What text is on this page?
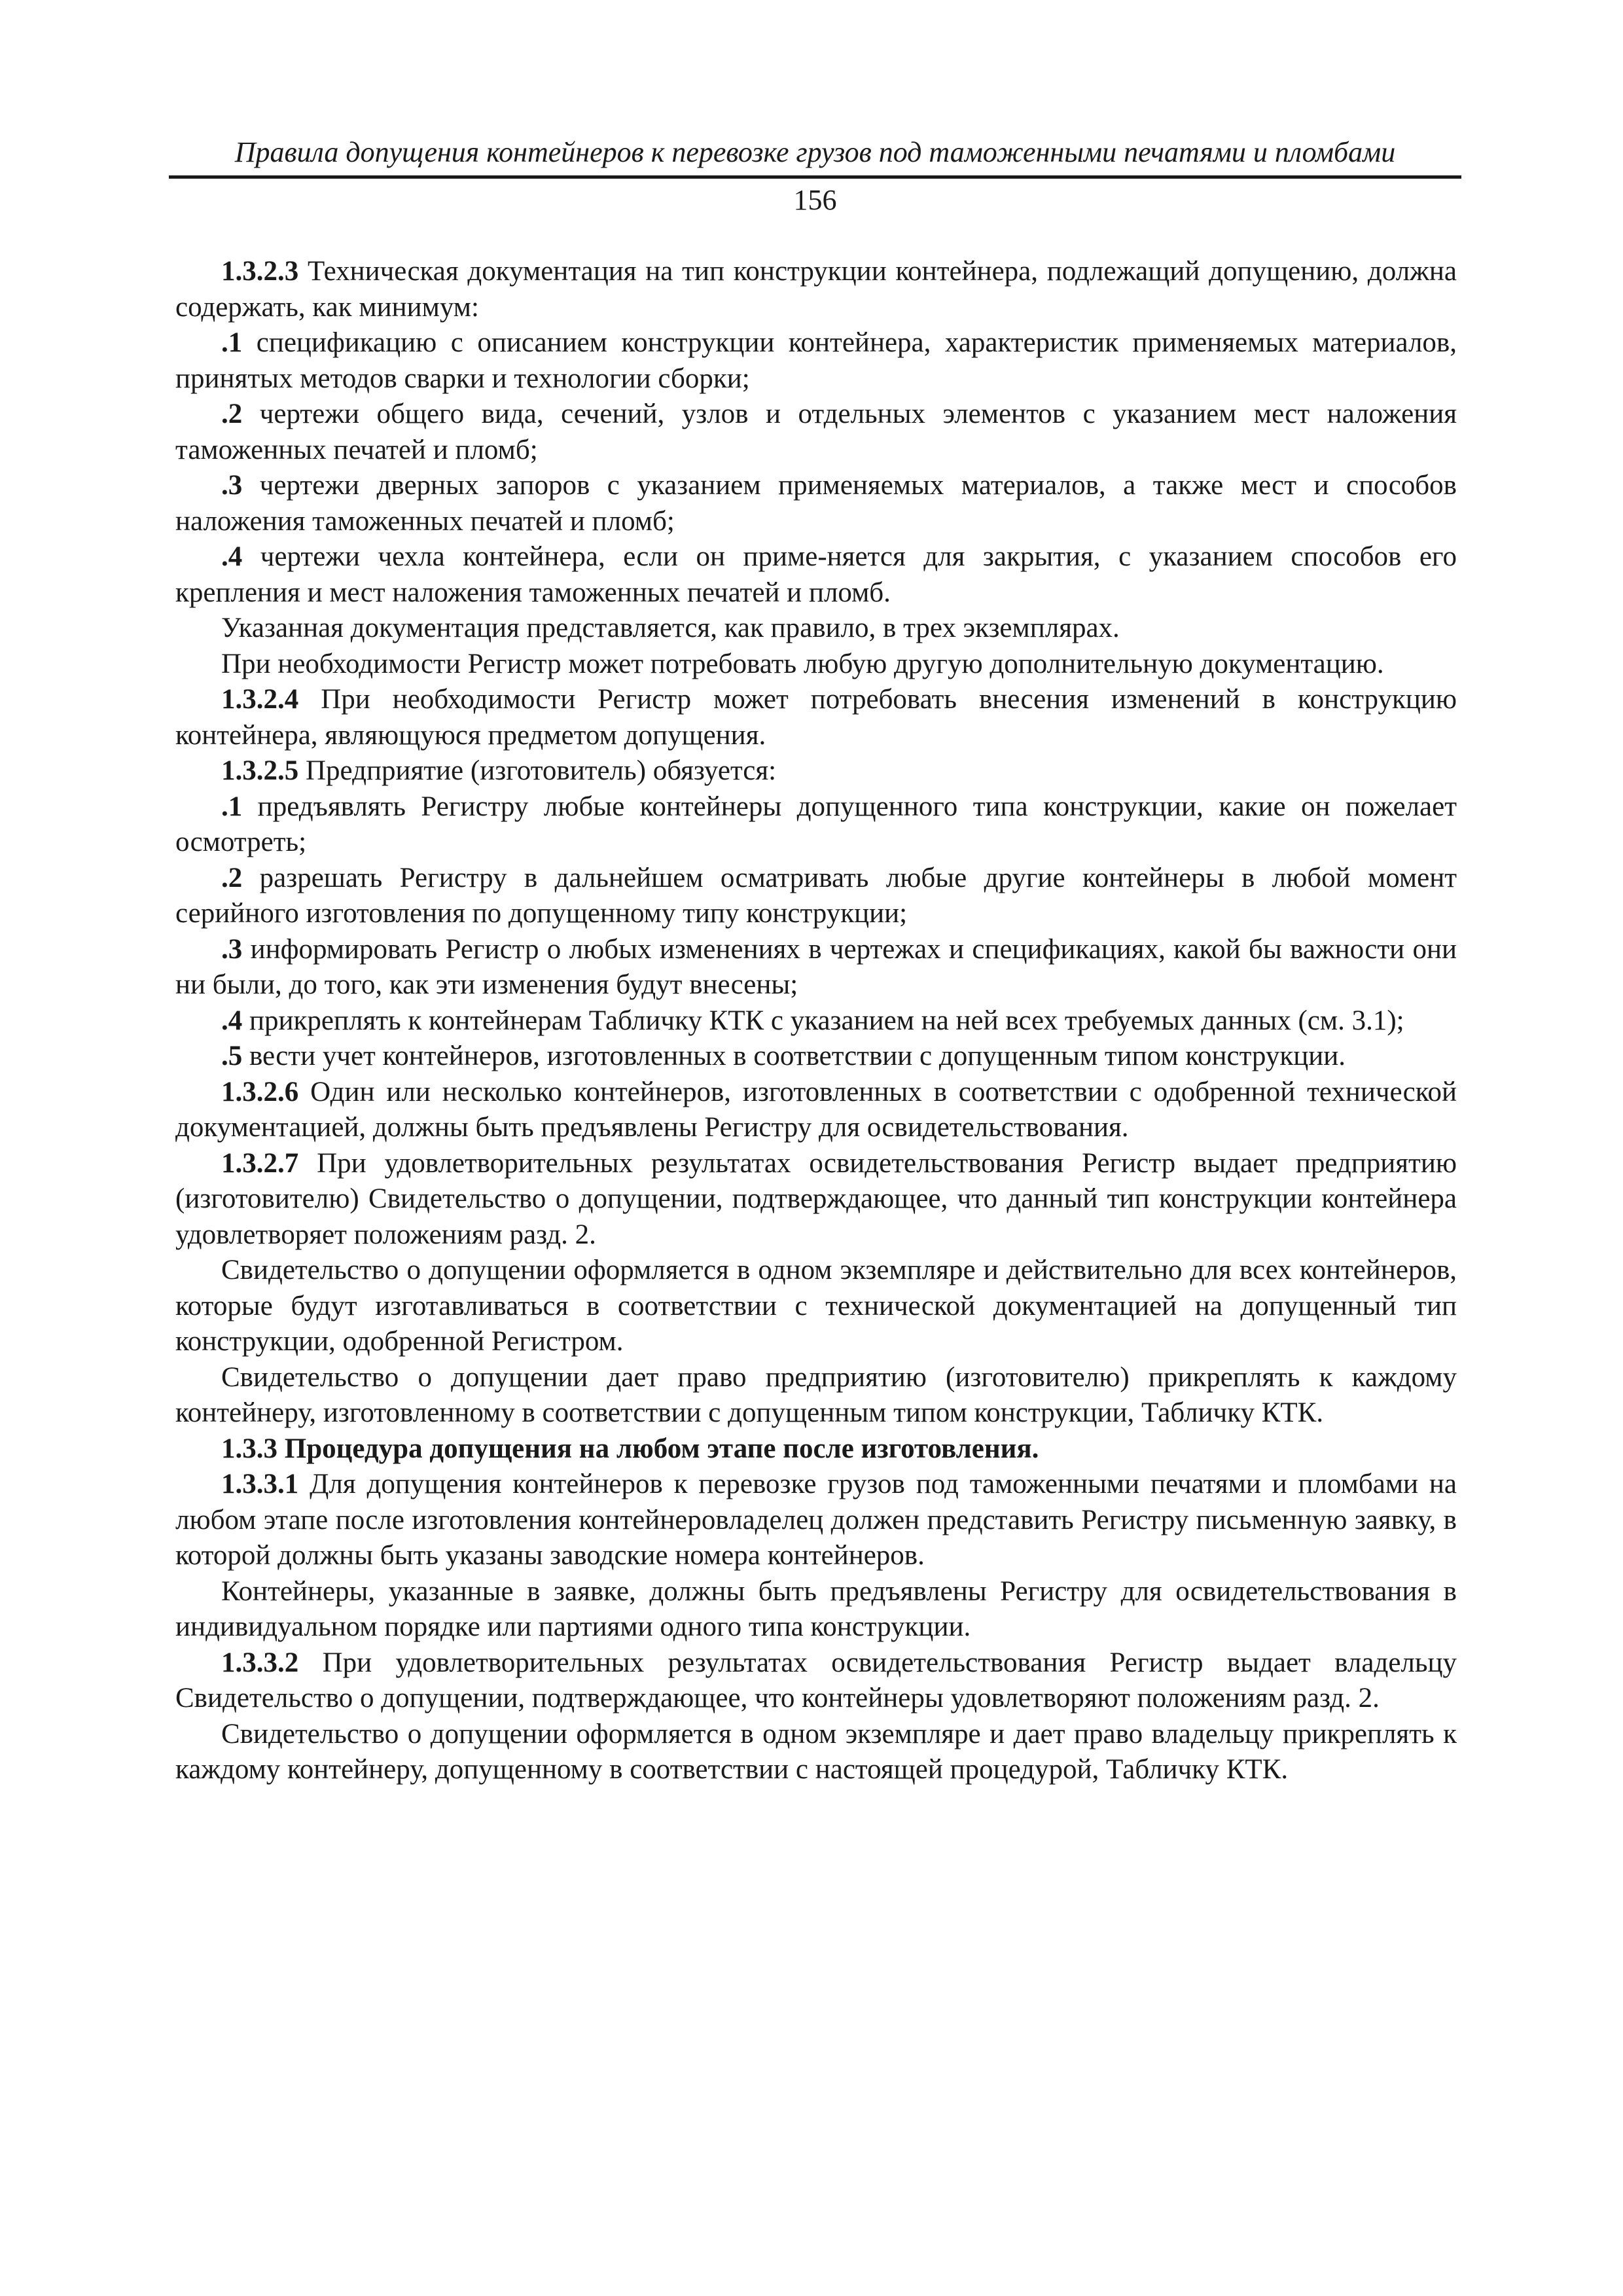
Правила допущения контейнеров к перевозке грузов под таможенными печатями и пломбами
156

1.3.2.3 Техническая документация на тип конструкции контейнера, подлежащий допущению, должна содержать, как минимум:

.1 спецификацию с описанием конструкции контейнера, характеристик применяемых материалов, принятых методов сварки и технологии сборки;

.2 чертежи общего вида, сечений, узлов и отдельных элементов с указанием мест наложения таможенных печатей и пломб;

.3 чертежи дверных запоров с указанием применяемых материалов, а также мест и способов наложения таможенных печатей и пломб;

.4 чертежи чехла контейнера, если он приме-няется для закрытия, с указанием способов его крепления и мест наложения таможенных печатей и пломб.

Указанная документация представляется, как правило, в трех экземплярах.

При необходимости Регистр может потребовать любую другую дополнительную документацию.

1.3.2.4 При необходимости Регистр может потребовать внесения изменений в конструкцию контейнера, являющуюся предметом допущения.

1.3.2.5 Предприятие (изготовитель) обязуется:

.1 предъявлять Регистру любые контейнеры допущенного типа конструкции, какие он пожелает осмотреть;

.2 разрешать Регистру в дальнейшем осматривать любые другие контейнеры в любой момент серийного изготовления по допущенному типу конструкции;

.3 информировать Регистр о любых изменениях в чертежах и спецификациях, какой бы важности они ни были, до того, как эти изменения будут внесены;

.4 прикреплять к контейнерам Табличку КТК с указанием на ней всех требуемых данных (см. 3.1);

.5 вести учет контейнеров, изготовленных в соответствии с допущенным типом конструкции.

1.3.2.6 Один или несколько контейнеров, изготовленных в соответствии с одобренной технической документацией, должны быть предъявлены Регистру для освидетельствования.

1.3.2.7 При удовлетворительных результатах освидетельствования Регистр выдает предприятию (изготовителю) Свидетельство о допущении, подтверждающее, что данный тип конструкции контейнера удовлетворяет положениям разд. 2.

Свидетельство о допущении оформляется в одном экземпляре и действительно для всех контейнеров, которые будут изготавливаться в соответствии с технической документацией на допущенный тип конструкции, одобренной Регистром.

Свидетельство о допущении дает право предприятию (изготовителю) прикреплять к каждому контейнеру, изготовленному в соответствии с допущенным типом конструкции, Табличку КТК.

1.3.3 Процедура допущения на любом этапе после изготовления.

1.3.3.1 Для допущения контейнеров к перевозке грузов под таможенными печатями и пломбами на любом этапе после изготовления контейнеровладелец должен представить Регистру письменную заявку, в которой должны быть указаны заводские номера контейнеров.

Контейнеры, указанные в заявке, должны быть предъявлены Регистру для освидетельствования в индивидуальном порядке или партиями одного типа конструкции.

1.3.3.2 При удовлетворительных результатах освидетельствования Регистр выдает владельцу Свидетельство о допущении, подтверждающее, что контейнеры удовлетворяют положениям разд. 2.

Свидетельство о допущении оформляется в одном экземпляре и дает право владельцу прикреплять к каждому контейнеру, допущенному в соответствии с настоящей процедурой, Табличку КТК.
